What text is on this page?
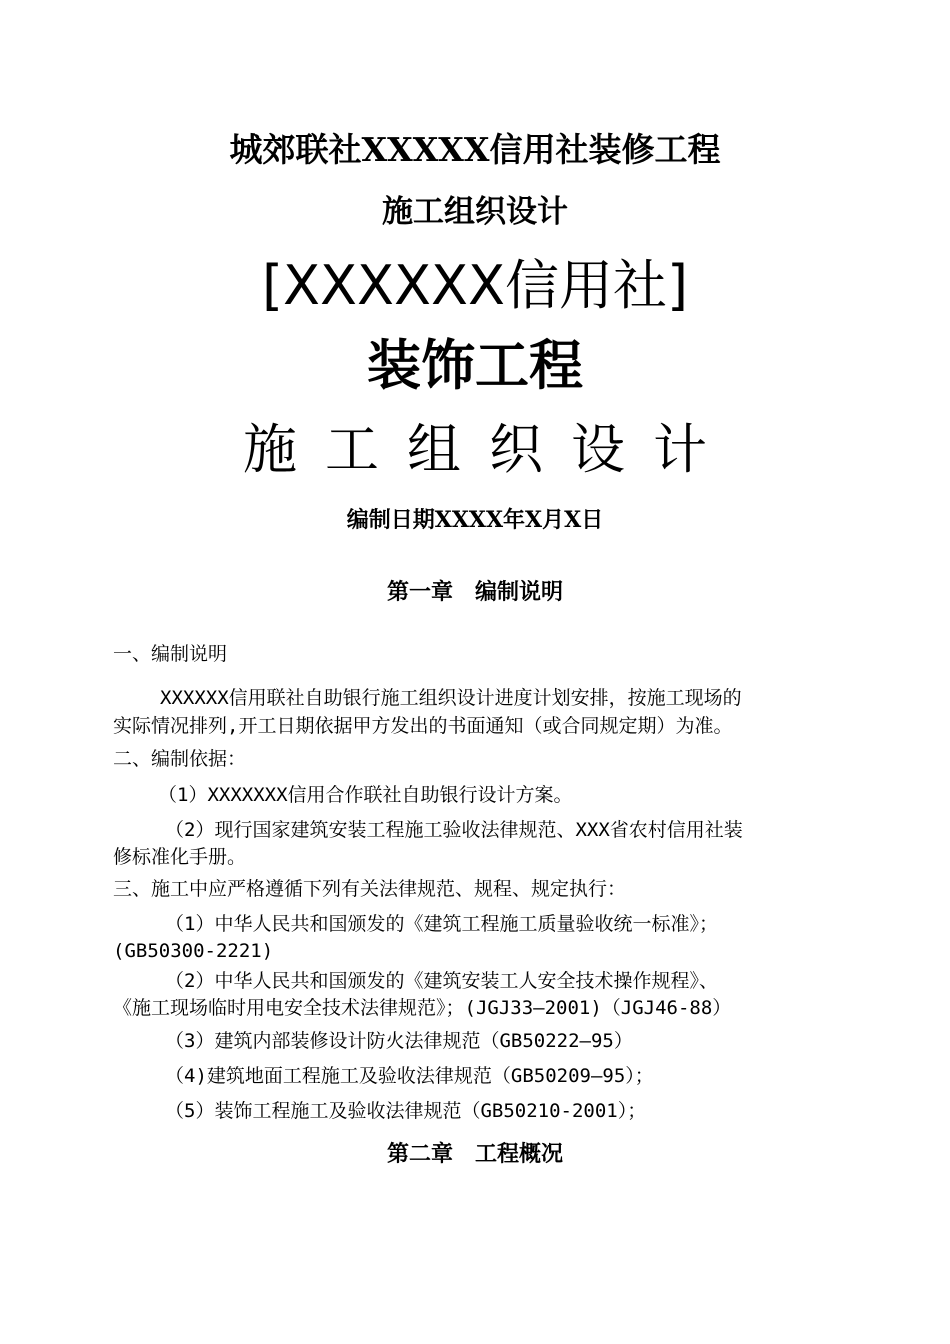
城郊联社XXXXX信用社装修工程
施工组织设计
[XXXXXX信用社]
装饰工程
施工组织设计
编制日期XXXX年X月X日
第一章　编制说明
一、编制说明
XXXXXX信用联社自助银行施工组织设计进度计划安排，按施工现场的
实际情况排列,开工日期依据甲方发出的书面通知（或合同规定期）为准。
二、编制依据：
（1）XXXXXXX信用合作联社自助银行设计方案。
（2）现行国家建筑安装工程施工验收法律规范、XXX省农村信用社装
修标准化手册。
三、施工中应严格遵循下列有关法律规范、规程、规定执行：
（1）中华人民共和国颁发的《建筑工程施工质量验收统一标准》；
(GB50300-2221)
（2）中华人民共和国颁发的《建筑安装工人安全技术操作规程》、
《施工现场临时用电安全技术法律规范》；(JGJ33—2001)（JGJ46-88）
（3）建筑内部装修设计防火法律规范（GB50222—95）
（4)建筑地面工程施工及验收法律规范（GB50209—95）；
（5）装饰工程施工及验收法律规范（GB50210-2001）；
第二章　工程概况
